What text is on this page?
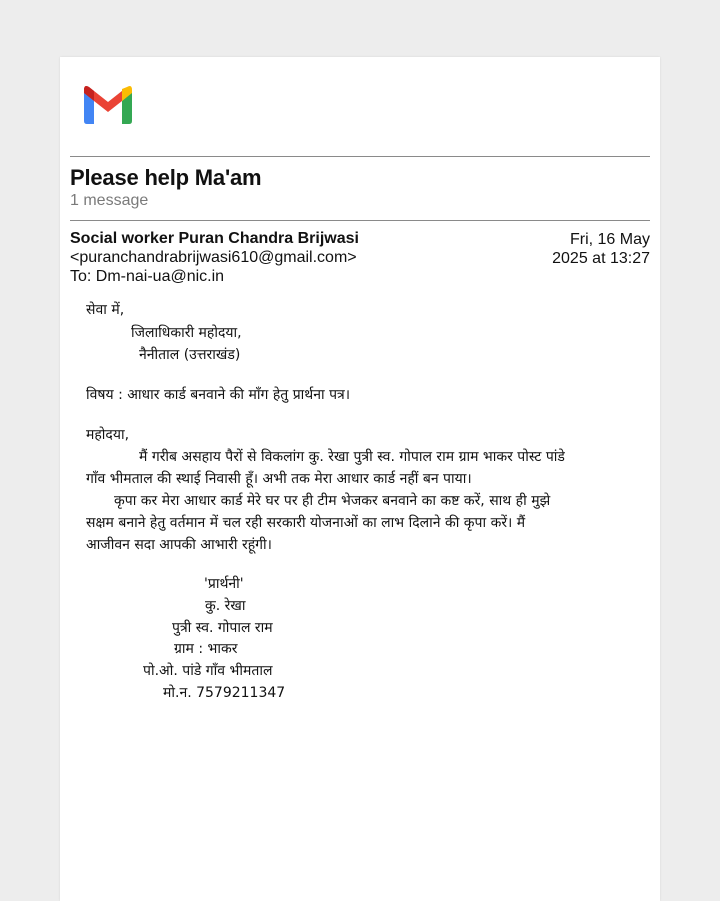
Please help Ma'am
1 message
Social worker Puran Chandra Brijwasi
<puranchandrabrijwasi610@gmail.com>
To: Dm-nai-ua@nic.in
Fri, 16 May
2025 at 13:27
सेवा में,
जिलाधिकारी महोदया,
नैनीताल (उत्तराखंड)
विषय : आधार कार्ड बनवाने की माँग हेतु प्रार्थना पत्र।
महोदया,
मैं गरीब असहाय पैरों से विकलांग कु. रेखा पुत्री स्व. गोपाल राम ग्राम भाकर पोस्ट पांडे
गाँव भीमताल की स्थाई निवासी हूँ। अभी तक मेरा आधार कार्ड नहीं बन पाया।
कृपा कर मेरा आधार कार्ड मेरे घर पर ही टीम भेजकर बनवाने का कष्ट करें, साथ ही मुझे
सक्षम बनाने हेतु वर्तमान में चल रही सरकारी योजनाओं का लाभ दिलाने की कृपा करें। मैं
आजीवन सदा आपकी आभारी रहूंगी।
'प्रार्थनी'
कु. रेखा
पुत्री स्व. गोपाल राम
ग्राम : भाकर
पो.ओ. पांडे गाँव भीमताल
मो.न. 7579211347
